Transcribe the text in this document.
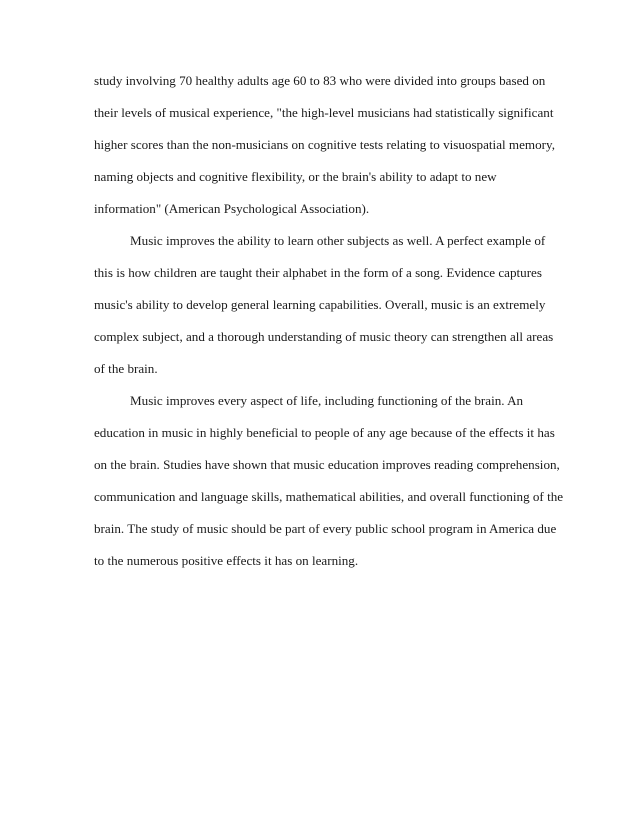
study involving 70 healthy adults age 60 to 83 who were divided into groups based on

their levels of musical experience, "the high-level musicians had statistically significant

higher scores than the non-musicians on cognitive tests relating to visuospatial memory,

naming objects and cognitive flexibility, or the brain's ability to adapt to new

information" (American Psychological Association).

Music improves the ability to learn other subjects as well. A perfect example of

this is how children are taught their alphabet in the form of a song. Evidence captures

music's ability to develop general learning capabilities. Overall, music is an extremely

complex subject, and a thorough understanding of music theory can strengthen all areas

of the brain.

Music improves every aspect of life, including functioning of the brain. An

education in music in highly beneficial to people of any age because of the effects it has

on the brain. Studies have shown that music education improves reading comprehension,

communication and language skills, mathematical abilities, and overall functioning of the

brain. The study of music should be part of every public school program in America due

to the numerous positive effects it has on learning.
